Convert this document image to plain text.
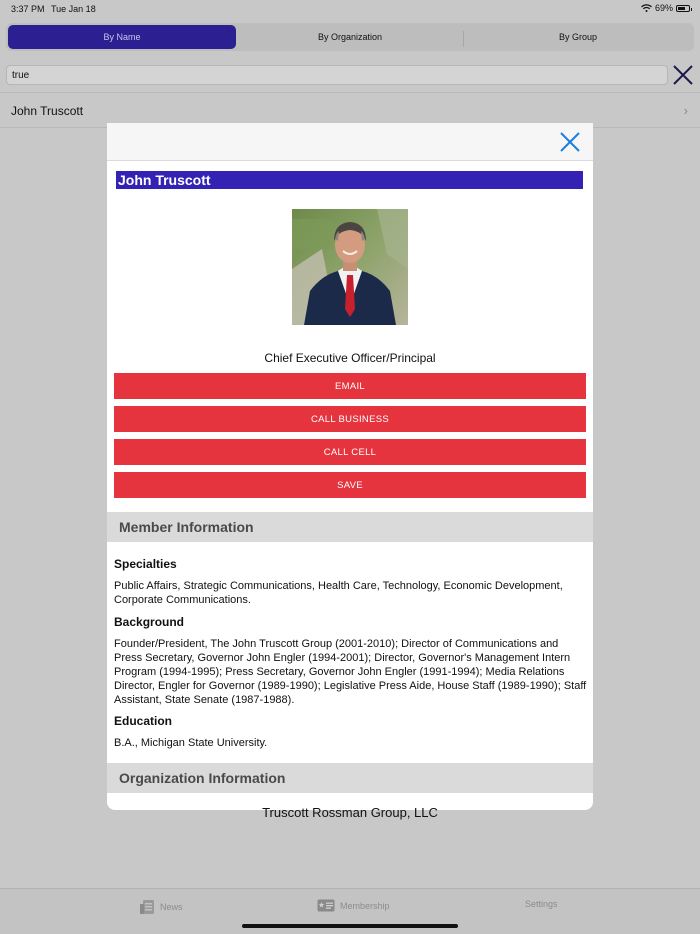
3:37 PM Tue Jan 18	69%
By Name	By Organization	By Group
true
John Truscott	›
News	Membership	Settings
John Truscott
Chief Executive Officer/Principal
EMAIL
CALL BUSINESS
CALL CELL
SAVE
Member Information
Specialties
Public Affairs, Strategic Communications, Health Care, Technology, Economic Development, Corporate Communications.
Background
Founder/President, The John Truscott Group (2001-2010); Director of Communications and Press Secretary, Governor John Engler (1994-2001); Director, Governor's Management Intern Program (1994-1995); Press Secretary, Governor John Engler (1991-1994); Media Relations Director, Engler for Governor (1989-1990); Legislative Press Aide, House Staff (1989-1990); Staff Assistant, State Senate (1987-1988).
Education
B.A., Michigan State University.
Organization Information
Truscott Rossman Group, LLC
